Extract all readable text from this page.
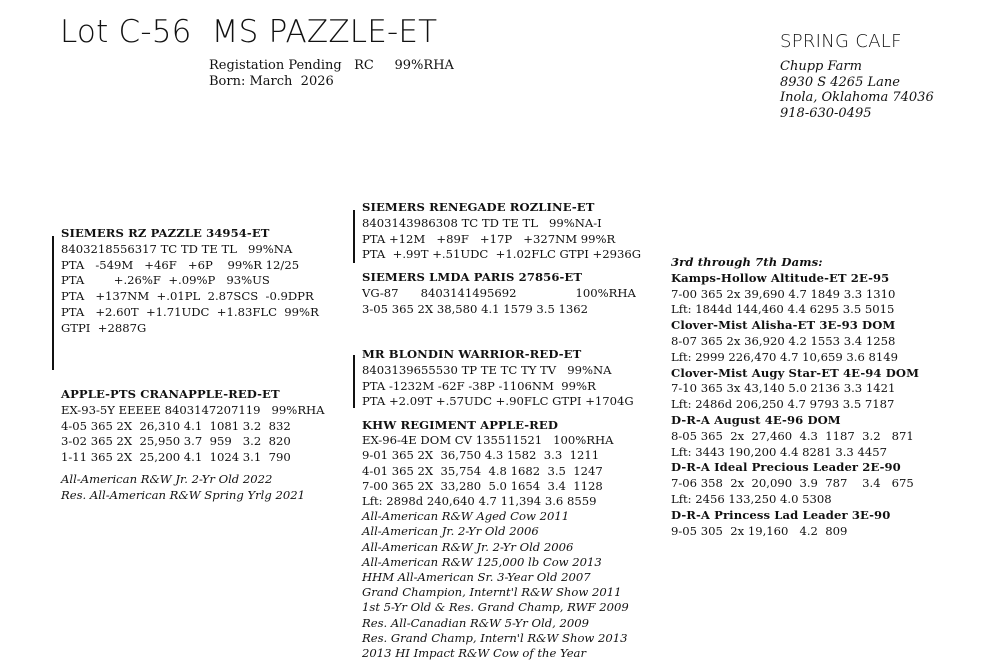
Lot C-56  MS PAZZLE-ET
Registation Pending   RC     99%RHA
Born: March  2026
SPRING CALF
Chupp Farm
8930 S 4265 Lane
Inola, Oklahoma 74036
918-630-0495
SIEMERS RZ PAZZLE 34954-ET
8403218556317 TC TD TE TL   99%NA
PTA   -549M   +46F   +6P    99%R 12/25
PTA        +.26%F  +.09%P   93%US
PTA   +137NM  +.01PL  2.87SCS  -0.9DPR
PTA   +2.60T  +1.71UDC  +1.83FLC  99%R
GTPI  +2887G
APPLE-PTS CRANAPPLE-RED-ET
EX-93-5Y EEEEE 8403147207119   99%RHA
4-05 365 2X  26,310 4.1  1081 3.2  832
3-02 365 2X  25,950 3.7  959   3.2  820
1-11 365 2X  25,200 4.1  1024 3.1  790
All-American R&W Jr. 2-Yr Old 2022
Res. All-American R&W Spring Yrlg 2021
SIEMERS RENEGADE ROZLINE-ET
8403143986308 TC TD TE TL   99%NA-I
PTA +12M   +89F   +17P   +327NM 99%R
PTA  +.99T +.51UDC  +1.02FLC GTPI +2936G
SIEMERS LMDA PARIS 27856-ET
VG-87      8403141495692                100%RHA
3-05 365 2X 38,580 4.1 1579 3.5 1362
MR BLONDIN WARRIOR-RED-ET
8403139655530 TP TE TC TY TV   99%NA
PTA -1232M -62F -38P -1106NM  99%R
PTA +2.09T +.57UDC +.90FLC GTPI +1704G
KHW REGIMENT APPLE-RED
EX-96-4E DOM CV 135511521   100%RHA
9-01 365 2X  36,750 4.3 1582  3.3  1211
4-01 365 2X  35,754  4.8 1682  3.5  1247
7-00 365 2X  33,280  5.0 1654  3.4  1128
Lft: 2898d 240,640 4.7 11,394 3.6 8559
All-American R&W Aged Cow 2011
All-American Jr. 2-Yr Old 2006
All-American R&W Jr. 2-Yr Old 2006
All-American R&W 125,000 lb Cow 2013
HHM All-American Sr. 3-Year Old 2007
Grand Champion, Internt'l R&W Show 2011
1st 5-Yr Old & Res. Grand Champ, RWF 2009
Res. All-Canadian R&W 5-Yr Old, 2009
Res. Grand Champ, Intern'l R&W Show 2013
2013 HI Impact R&W Cow of the Year
3rd through 7th Dams:
Kamps-Hollow Altitude-ET 2E-95
7-00 365 2x 39,690 4.7 1849 3.3 1310
Lft: 1844d 144,460 4.4 6295 3.5 5015
Clover-Mist Alisha-ET 3E-93 DOM
8-07 365 2x 36,920 4.2 1553 3.4 1258
Lft: 2999 226,470 4.7 10,659 3.6 8149
Clover-Mist Augy Star-ET 4E-94 DOM
7-10 365 3x 43,140 5.0 2136 3.3 1421
Lft: 2486d 206,250 4.7 9793 3.5 7187
D-R-A August 4E-96 DOM
8-05 365  2x  27,460  4.3  1187  3.2   871
Lft: 3443 190,200 4.4 8281 3.3 4457
D-R-A Ideal Precious Leader 2E-90
7-06 358  2x  20,090  3.9  787    3.4   675
Lft: 2456 133,250 4.0 5308
D-R-A Princess Lad Leader 3E-90
9-05 305  2x 19,160   4.2  809
